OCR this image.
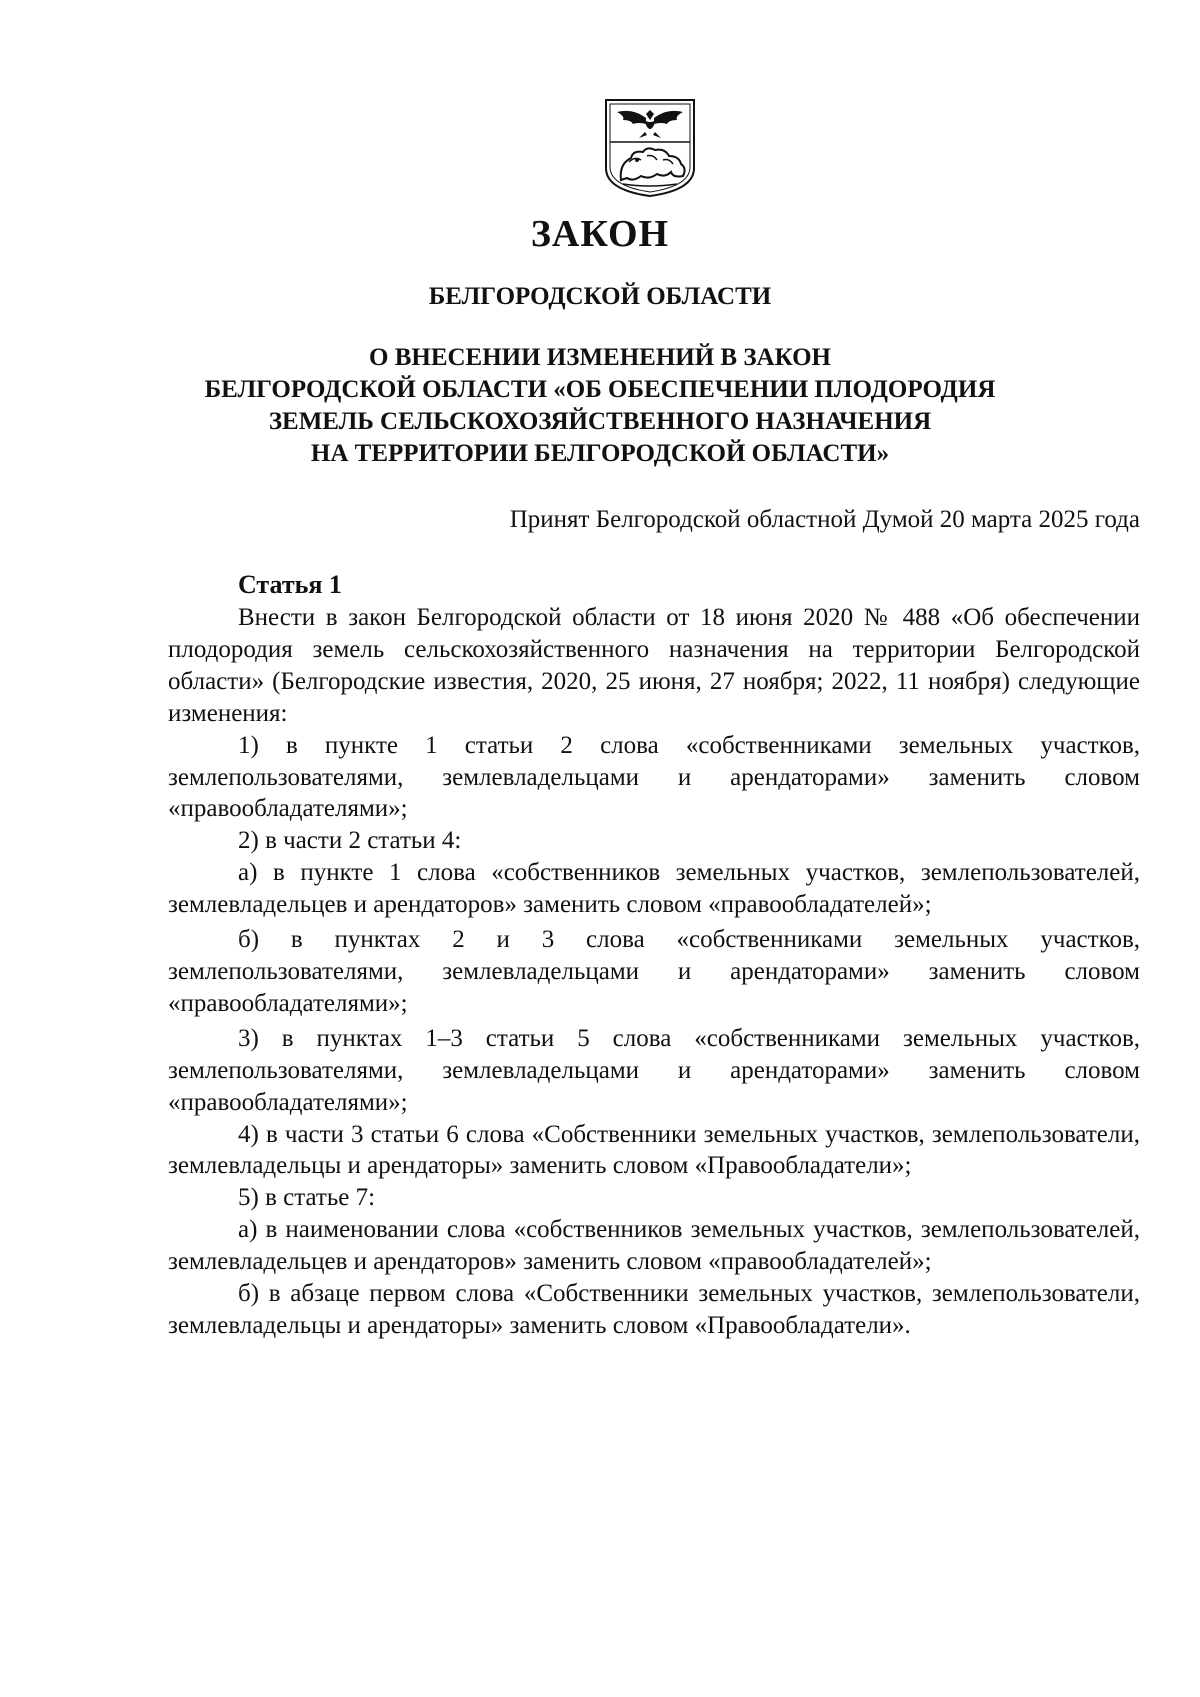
ЗАКОН
БЕЛГОРОДСКОЙ ОБЛАСТИ
О ВНЕСЕНИИ ИЗМЕНЕНИЙ В ЗАКОН
БЕЛГОРОДСКОЙ ОБЛАСТИ «ОБ ОБЕСПЕЧЕНИИ ПЛОДОРОДИЯ
ЗЕМЕЛЬ СЕЛЬСКОХОЗЯЙСТВЕННОГО НАЗНАЧЕНИЯ
НА ТЕРРИТОРИИ БЕЛГОРОДСКОЙ ОБЛАСТИ»
Принят Белгородской областной Думой 20 марта 2025 года
Статья 1
Внести в закон Белгородской области от 18 июня 2020 № 488 «Об обеспечении плодородия земель сельскохозяйственного назначения на территории Белгородской области» (Белгородские известия, 2020, 25 июня, 27 ноября; 2022, 11 ноября) следующие изменения:
1) в пункте 1 статьи 2 слова «собственниками земельных участков, землепользователями, землевладельцами и арендаторами» заменить словом «правообладателями»;
2) в части 2 статьи 4:
а) в пункте 1 слова «собственников земельных участков, землепользователей, землевладельцев и арендаторов» заменить словом «правообладателей»;
б) в пунктах 2 и 3 слова «собственниками земельных участков, землепользователями, землевладельцами и арендаторами» заменить словом «правообладателями»;
3) в пунктах 1–3 статьи 5 слова «собственниками земельных участков, землепользователями, землевладельцами и арендаторами» заменить словом «правообладателями»;
4) в части 3 статьи 6 слова «Собственники земельных участков, землепользователи, землевладельцы и арендаторы» заменить словом «Правообладатели»;
5) в статье 7:
а) в наименовании слова «собственников земельных участков, землепользователей, землевладельцев и арендаторов» заменить словом «правообладателей»;
б) в абзаце первом слова «Собственники земельных участков, землепользователи, землевладельцы и арендаторы» заменить словом «Правообладатели».
